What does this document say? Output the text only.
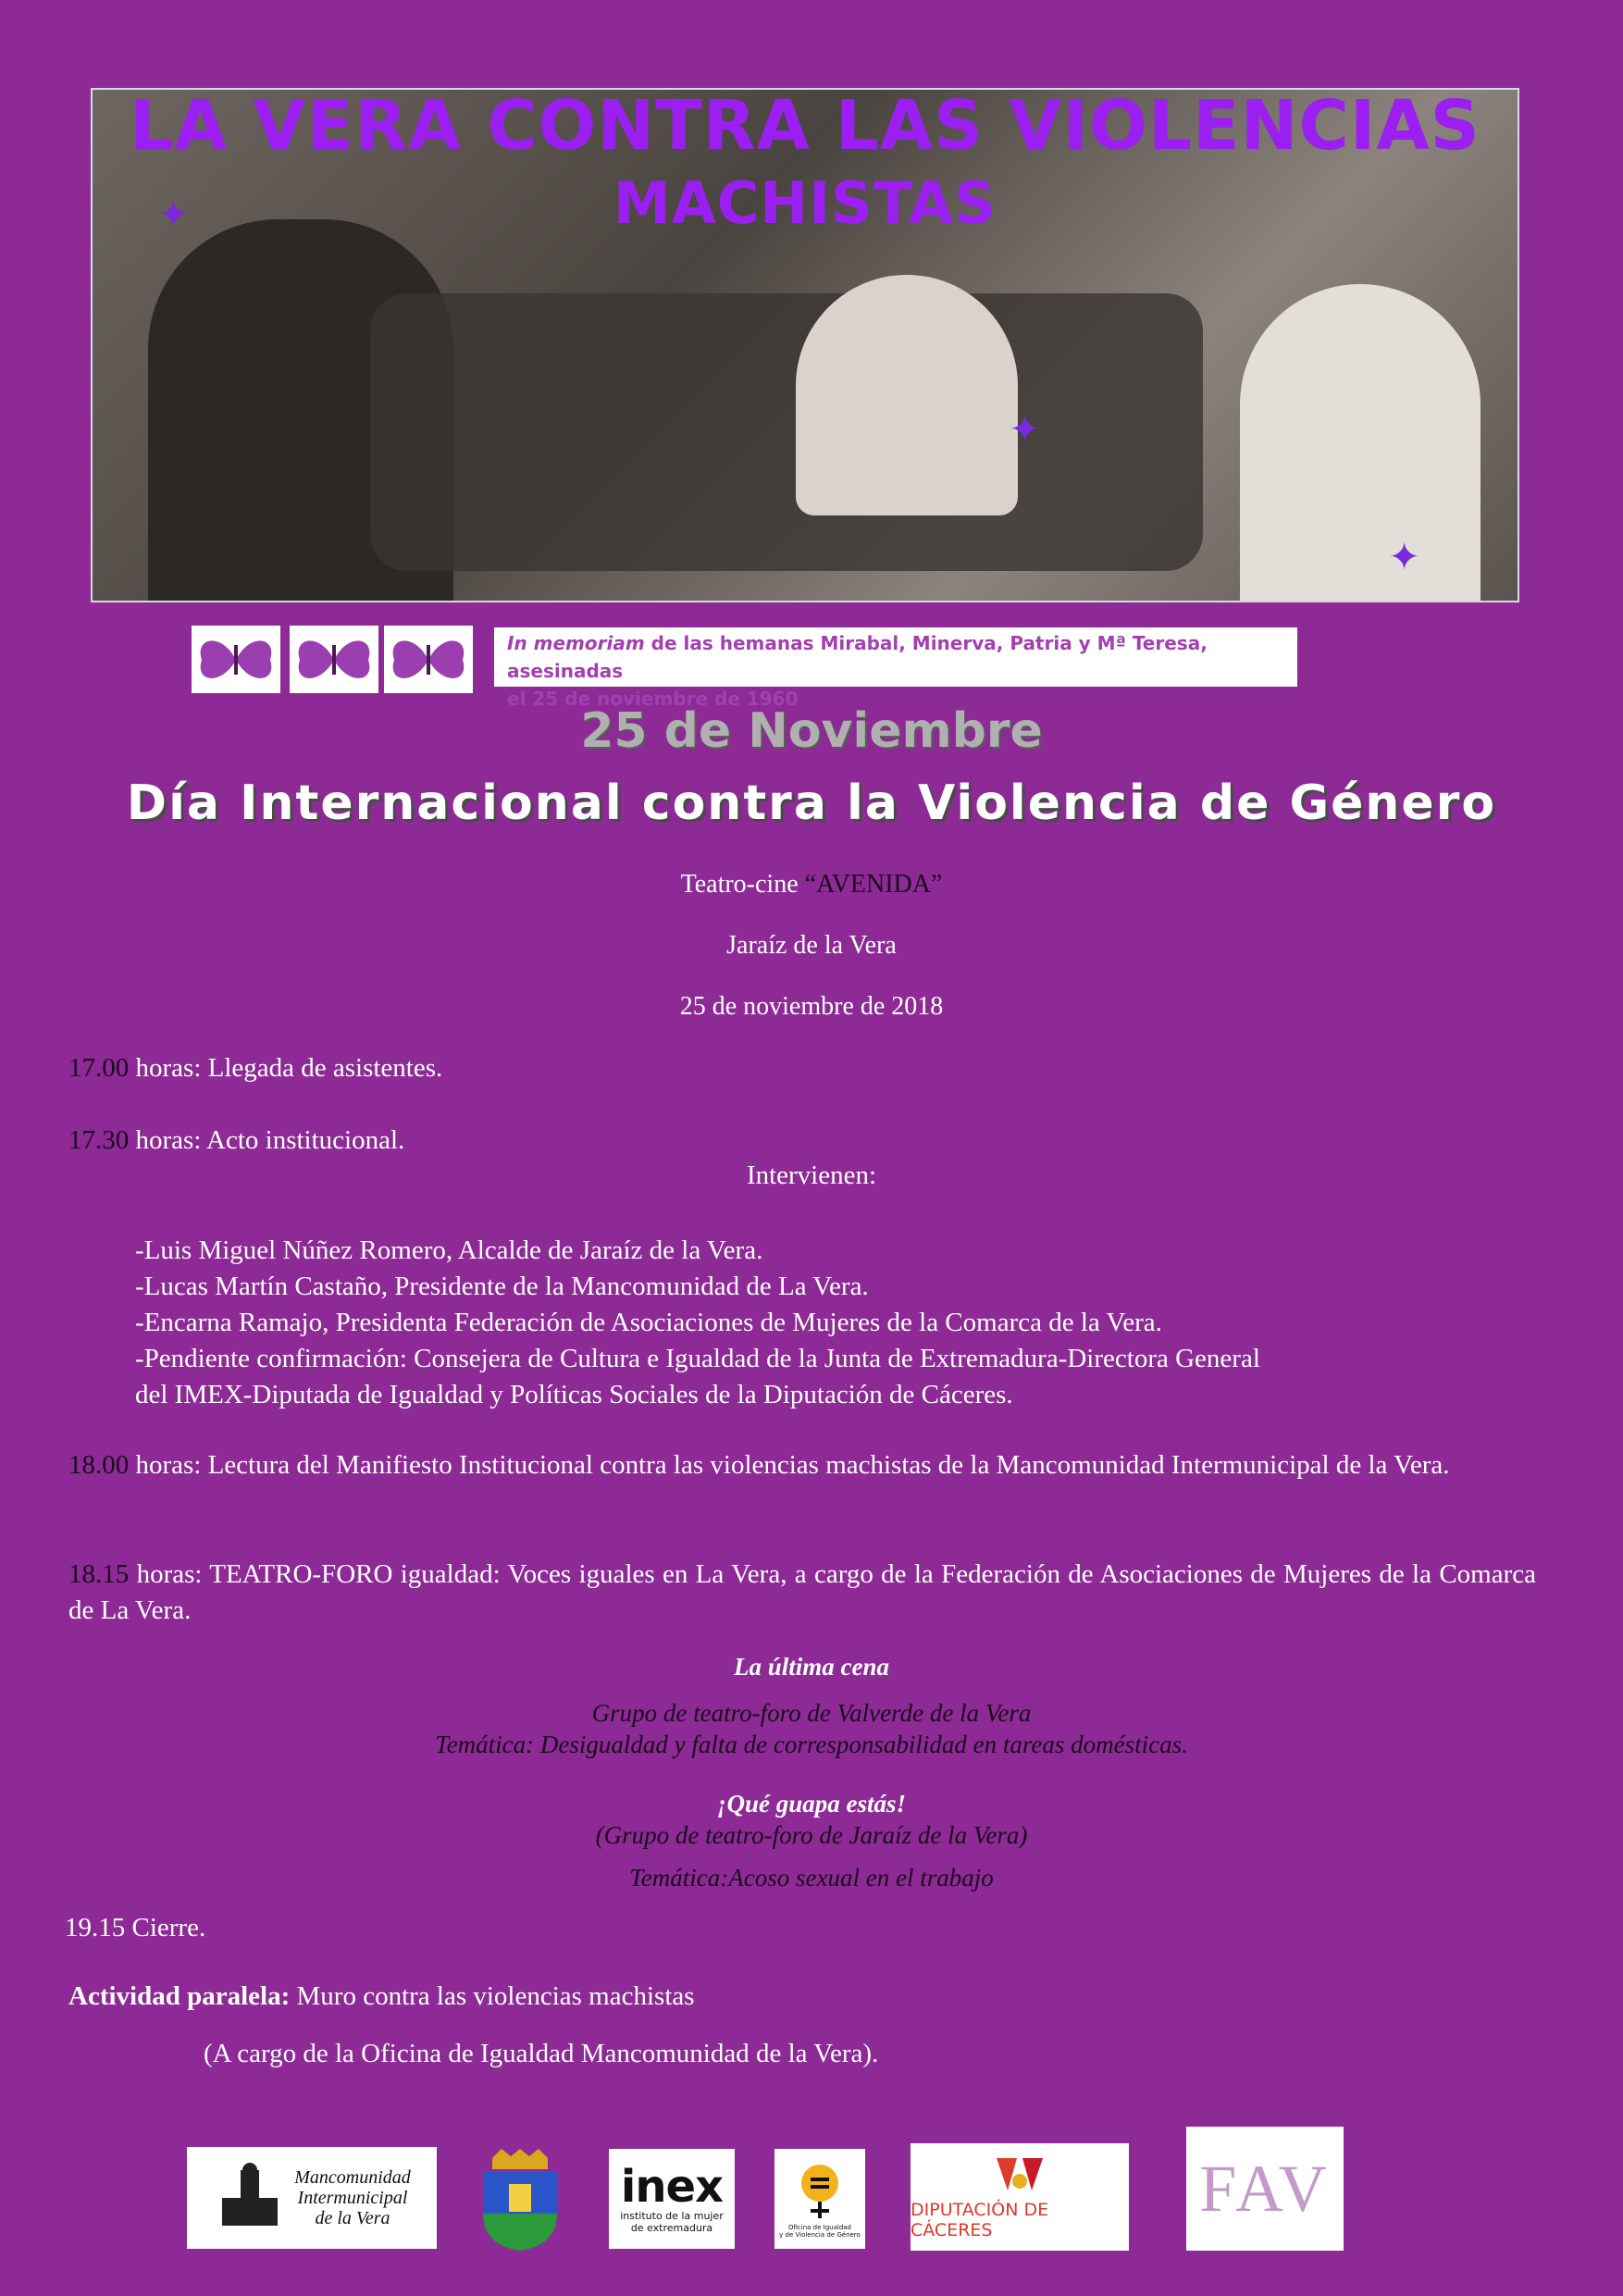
LA VERA CONTRA LAS VIOLENCIAS
MACHISTAS
✦
✦
✦
In memoriam de las hemanas Mirabal, Minerva, Patria y Mª Teresa, asesinadas
el 25 de noviembre de 1960
25 de Noviembre
Día Internacional contra la Violencia de Género
Teatro-cine “AVENIDA”
Jaraíz de la Vera
25 de noviembre de 2018
17.00 horas: Llegada de asistentes.
17.30 horas: Acto institucional.
Intervienen:
-Luis Miguel Núñez Romero, Alcalde de Jaraíz de la Vera.
-Lucas Martín Castaño, Presidente de la Mancomunidad de La Vera.
-Encarna Ramajo, Presidenta Federación de Asociaciones de Mujeres de la Comarca de la Vera.
-Pendiente confirmación: Consejera de Cultura e Igualdad de la Junta de Extremadura-Directora General
del IMEX-Diputada de Igualdad y Políticas Sociales de la Diputación de Cáceres.
18.00 horas: Lectura del Manifiesto Institucional contra las violencias machistas de la Mancomunidad Intermunicipal de la Vera.
18.15 horas: TEATRO-FORO igualdad: Voces iguales en La Vera, a cargo de la Federación de Asociaciones de Mujeres de la Comarca de La Vera.
La última cena
Grupo de teatro-foro de Valverde de la Vera
Temática: Desigualdad y falta de corresponsabilidad en tareas domésticas.
¡Qué guapa estás!
(Grupo de teatro-foro de Jaraíz de la Vera)
Temática:Acoso sexual en el trabajo
19.15 Cierre.
Actividad paralela: Muro contra las violencias machistas
(A cargo de la Oficina de Igualdad Mancomunidad de la Vera).
Mancomunidad
Intermunicipal
de la Vera
inex
instituto de la mujer
de extremadura	Oficina de Igualdad
y de Violencia de Género
DIPUTACIÓN DE CÁCERES
FAV
